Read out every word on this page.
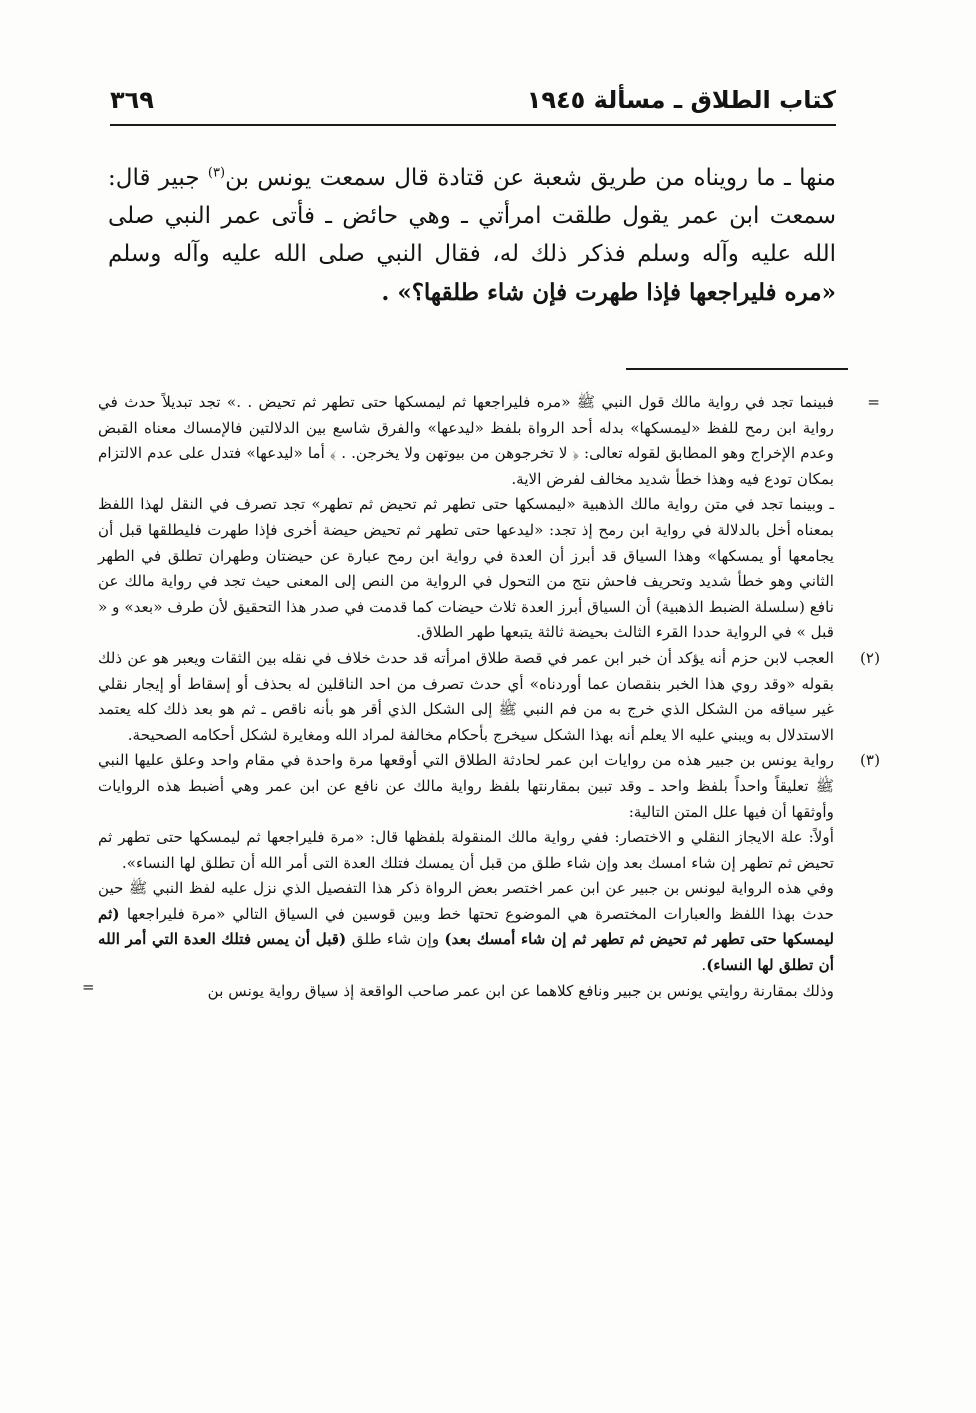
كتاب الطلاق ـ مسألة ١٩٤٥
٣٦٩

منها ـ ما رويناه من طريق شعبة عن قتادة قال سمعت يونس بن$^{(٣)}$ جبير قال: سمعت ابن عمر يقول طلقت امرأتي ـ وهي حائض ـ فأتى عمر النبي صلى الله عليه وآله وسلم فذكر ذلك له، فقال النبي صلى الله عليه وآله وسلم «مره فليراجعها فإذا طهرت فإن شاء طلقها؟» .

=

فبينما تجد في رواية مالك قول النبي ﷺ «مره فليراجعها ثم ليمسكها حتى تطهر ثم تحيض . .» تجد تبديلاً حدث في رواية ابن رمح للفظ «ليمسكها» بدله أحد الرواة بلفظ «ليدعها» والفرق شاسع بين الدلالتين فالإمساك معناه القبض وعدم الإخراج وهو المطابق لقوله تعالى: ﴿ لا تخرجوهن من بيوتهن ولا يخرجن. . ﴾ أما «ليدعها» فتدل على عدم الالتزام بمكان تودع فيه وهذا خطأ شديد مخالف لفرض الاية.

ـ وبينما تجد في متن رواية مالك الذهبية «ليمسكها حتى تطهر ثم تحيض ثم تطهر» تجد تصرف في النقل لهذا اللفظ بمعناه أخل بالدلالة في رواية ابن رمح إذ تجد: «ليدعها حتى تطهر ثم تحيض حيضة أخرى فإذا طهرت فليطلقها قبل أن يجامعها أو يمسكها» وهذا السياق قد أبرز أن العدة في رواية ابن رمح عبارة عن حيضتان وطهران تطلق في الطهر الثاني وهو خطأ شديد وتحريف فاحش نتج من التحول في الرواية من النص إلى المعنى حيث تجد في رواية مالك عن نافع (سلسلة الضبط الذهبية) أن السياق أبرز العدة ثلاث حيضات كما قدمت في صدر هذا التحقيق لأن طرف «بعد» و « قبل » في الرواية حددا القرء الثالث بحيضة ثالثة يتبعها طهر الطلاق.

(٢)

العجب لابن حزم أنه يؤكد أن خبر ابن عمر في قصة طلاق امرأته قد حدث خلاف في نقله بين الثقات ويعبر هو عن ذلك بقوله «وقد روي هذا الخبر بنقصان عما أوردناه» أي حدث تصرف من احد الناقلين له بحذف أو إسقاط أو إيجار نقلي غير سياقه من الشكل الذي خرج به من فم النبي ﷺ إلى الشكل الذي أقر هو بأنه ناقص ـ ثم هو بعد ذلك كله يعتمد الاستدلال به ويبني عليه الا يعلم أنه بهذا الشكل سيخرج بأحكام مخالفة لمراد الله ومغايرة لشكل أحكامه الصحيحة.

(٣)

رواية يونس بن جبير هذه من روايات ابن عمر لحادثة الطلاق التي أوقعها مرة واحدة في مقام واحد وعلق عليها النبي ﷺ تعليقاً واحداً بلفظ واحد ـ وقد تبين بمقارنتها بلفظ رواية مالك عن نافع عن ابن عمر وهي أضبط هذه الروايات وأوثقها أن فيها علل المتن التالية:

أولاً: علة الايجاز النقلي و الاختصار: ففي رواية مالك المنقولة بلفظها قال: «مرة فليراجعها ثم ليمسكها حتى تطهر ثم تحيض ثم تطهر إن شاء امسك بعد وإن شاء طلق من قبل أن يمسك فتلك العدة التى أمر الله أن تطلق لها النساء».

وفي هذه الرواية ليونس بن جبير عن ابن عمر اختصر بعض الرواة ذكر هذا التفصيل الذي نزل عليه لفظ النبي ﷺ حين حدث بهذا اللفظ والعبارات المختصرة هي الموضوع تحتها خط وبين قوسين في السياق التالي «مرة فليراجعها (ثم ليمسكها حتى تطهر ثم تحيض ثم تطهر ثم إن شاء أمسك بعد) وإن شاء طلق (قبل أن يمس فتلك العدة التي أمر الله أن تطلق لها النساء).

وذلك بمقارنة روايتي يونس بن جبير ونافع كلاهما عن ابن عمر صاحب الواقعة إذ سياق رواية يونس بن

=
